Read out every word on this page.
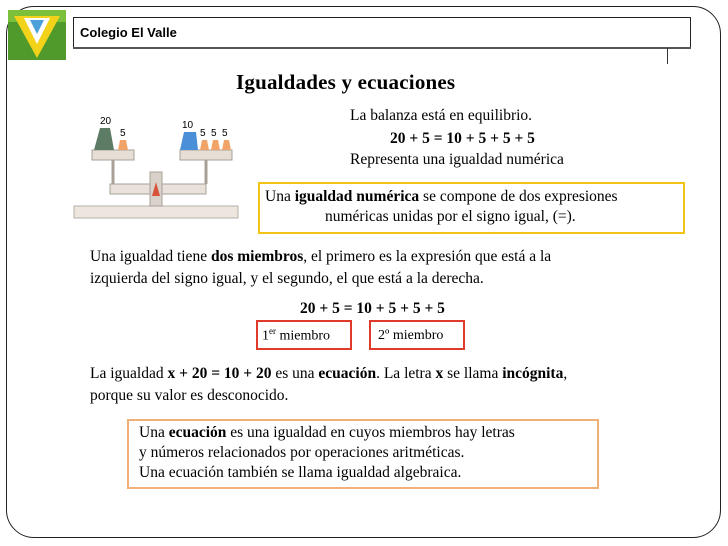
Colegio El Valle
Igualdades y ecuaciones
20
5
10
5 5 5
La balanza está en equilibrio.
20 + 5 = 10 + 5 + 5 + 5
Representa una igualdad numérica
Una igualdad numérica se compone de dos expresiones
numéricas unidas por el signo igual, (=).
Una igualdad tiene dos miembros, el primero es la expresión que está a la
izquierda del signo igual, y el segundo, el que está a la derecha.
20 + 5 = 10 + 5 + 5 + 5
1er miembro	2º miembro
La igualdad x + 20 = 10 + 20 es una ecuación. La letra x se llama incógnita,
porque su valor es desconocido.
Una ecuación es una igualdad en cuyos miembros hay letras
y números relacionados por operaciones aritméticas.
Una ecuación también se llama igualdad algebraica.
